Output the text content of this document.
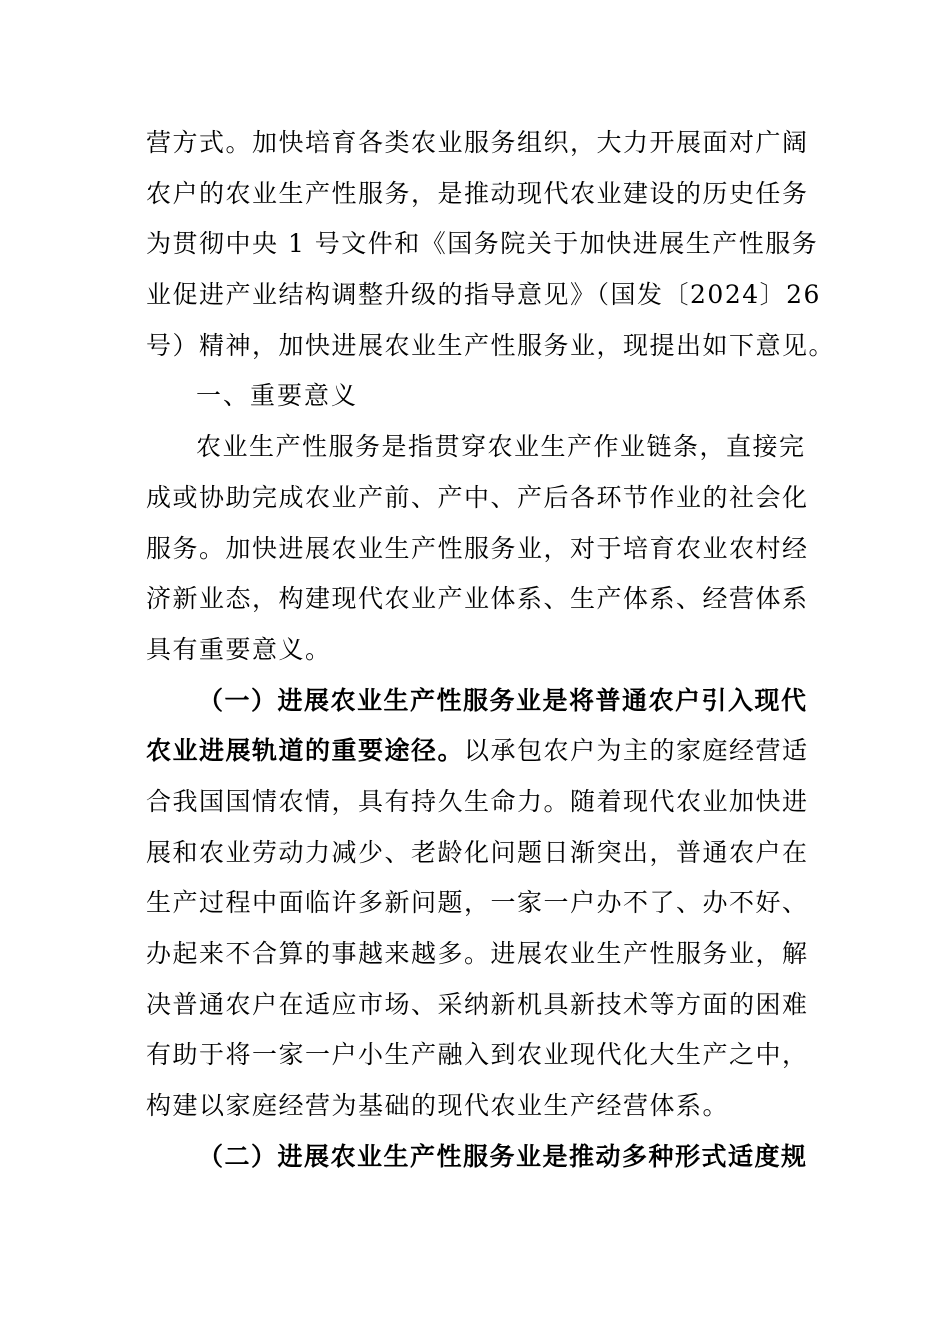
营方式。加快培育各类农业服务组织，大力开展面对广阔
农户的农业生产性服务，是推动现代农业建设的历史任务
为贯彻中央 1 号文件和《国务院关于加快进展生产性服务
业促进产业结构调整升级的指导意见》（国发〔2024〕26
号）精神，加快进展农业生产性服务业，现提出如下意见。
一、重要意义
农业生产性服务是指贯穿农业生产作业链条，直接完
成或协助完成农业产前、产中、产后各环节作业的社会化
服务。加快进展农业生产性服务业，对于培育农业农村经
济新业态，构建现代农业产业体系、生产体系、经营体系
具有重要意义。
（一）进展农业生产性服务业是将普通农户引入现代
农业进展轨道的重要途径。以承包农户为主的家庭经营适
合我国国情农情，具有持久生命力。随着现代农业加快进
展和农业劳动力减少、老龄化问题日渐突出，普通农户在
生产过程中面临许多新问题，一家一户办不了、办不好、
办起来不合算的事越来越多。进展农业生产性服务业，解
决普通农户在适应市场、采纳新机具新技术等方面的困难
有助于将一家一户小生产融入到农业现代化大生产之中，
构建以家庭经营为基础的现代农业生产经营体系。
（二）进展农业生产性服务业是推动多种形式适度规
